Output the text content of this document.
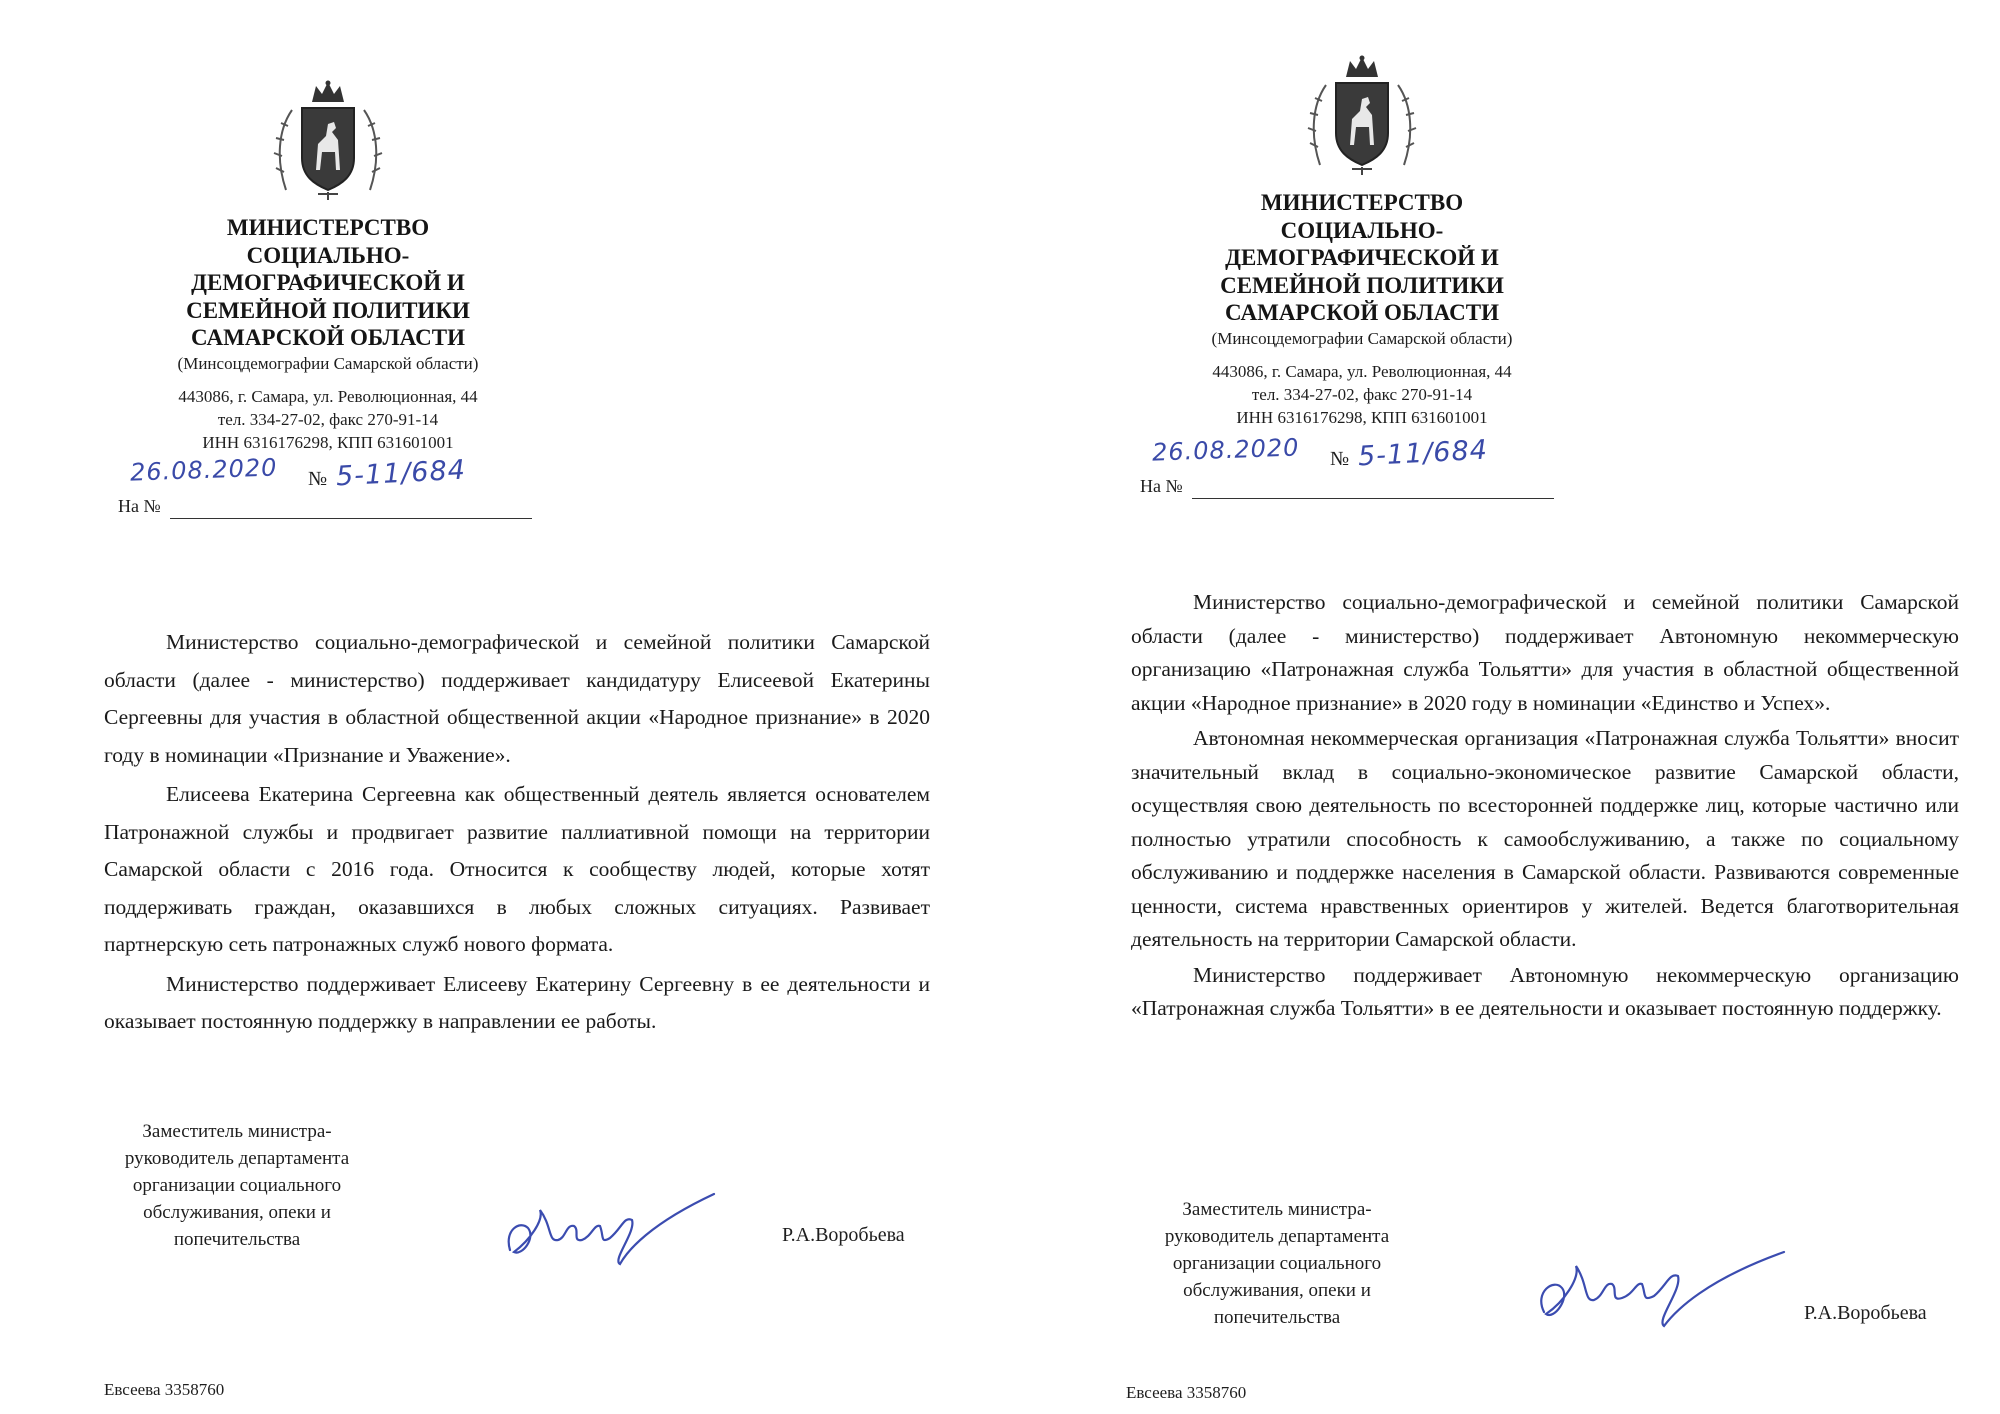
МИНИСТЕРСТВО
СОЦИАЛЬНО-
ДЕМОГРАФИЧЕСКОЙ И
СЕМЕЙНОЙ ПОЛИТИКИ
САМАРСКОЙ ОБЛАСТИ
(Минсоцдемографии Самарской области)
443086, г. Самара, ул. Революционная, 44
тел. 334-27-02, факс 270-91-14
ИНН 6316176298, КПП 631601001
26.08.2020 № 5-11/684
На №

Министерство социально-демографической и семейной политики Самарской области (далее - министерство) поддерживает кандидатуру Елисеевой Екатерины Сергеевны для участия в областной общественной акции «Народное признание» в 2020 году в номинации «Признание и Уважение».

Елисеева Екатерина Сергеевна как общественный деятель является основателем Патронажной службы и продвигает развитие паллиативной помощи на территории Самарской области с 2016 года. Относится к сообществу людей, которые хотят поддерживать граждан, оказавшихся в любых сложных ситуациях. Развивает партнерскую сеть патронажных служб нового формата.

Министерство поддерживает Елисееву Екатерину Сергеевну в ее деятельности и оказывает постоянную поддержку в направлении ее работы.

Заместитель министра-
руководитель департамента
организации социального
обслуживания, опеки и
попечительства	Р.А.Воробьева
Евсеева 3358760
МИНИСТЕРСТВО
СОЦИАЛЬНО-
ДЕМОГРАФИЧЕСКОЙ И
СЕМЕЙНОЙ ПОЛИТИКИ
САМАРСКОЙ ОБЛАСТИ
(Минсоцдемографии Самарской области)
443086, г. Самара, ул. Революционная, 44
тел. 334-27-02, факс 270-91-14
ИНН 6316176298, КПП 631601001
26.08.2020 № 5-11/684
На №

Министерство социально-демографической и семейной политики Самарской области (далее - министерство) поддерживает Автономную некоммерческую организацию «Патронажная служба Тольятти» для участия в областной общественной акции «Народное признание» в 2020 году в номинации «Единство и Успех».

Автономная некоммерческая организация «Патронажная служба Тольятти» вносит значительный вклад в социально-экономическое развитие Самарской области, осуществляя свою деятельность по всесторонней поддержке лиц, которые частично или полностью утратили способность к самообслуживанию, а также по социальному обслуживанию и поддержке населения в Самарской области. Развиваются современные ценности, система нравственных ориентиров у жителей. Ведется благотворительная деятельность на территории Самарской области.

Министерство поддерживает Автономную некоммерческую организацию «Патронажная служба Тольятти» в ее деятельности и оказывает постоянную поддержку.

Заместитель министра-
руководитель департамента
организации социального
обслуживания, опеки и
попечительства	Р.А.Воробьева
Евсеева 3358760
